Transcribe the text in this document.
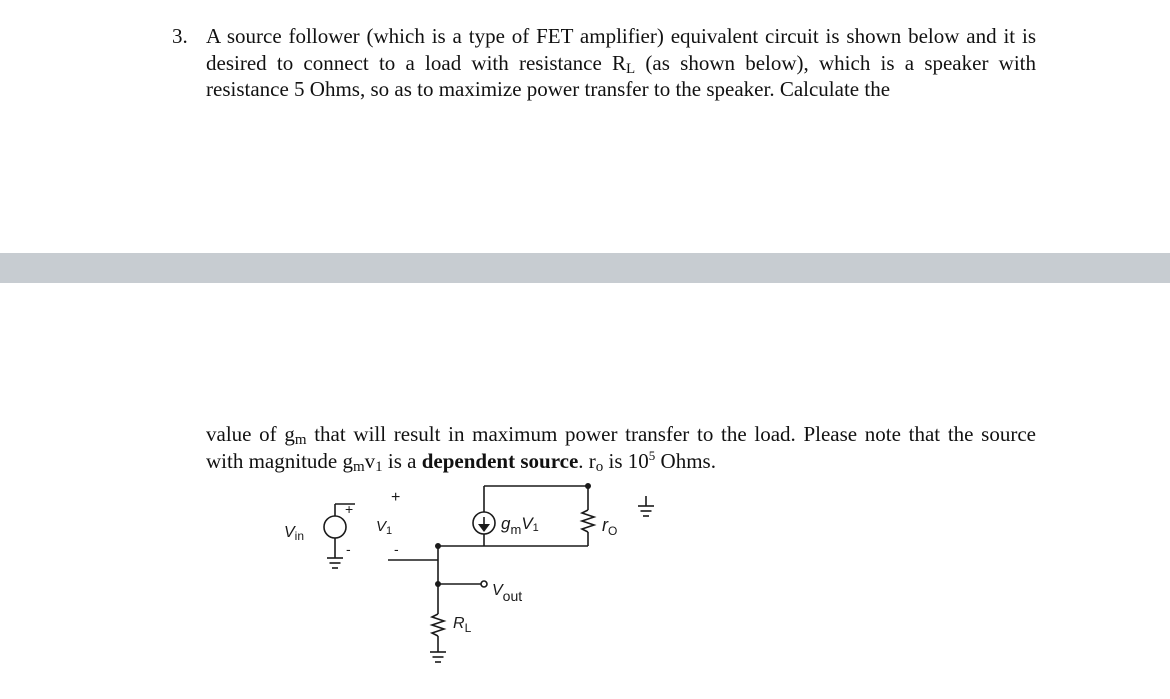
3. A source follower (which is a type of FET amplifier) equivalent circuit is shown below and it is desired to connect to a load with resistance $R_L$ (as shown below), which is a speaker with resistance 5 Ohms, so as to maximize power transfer to the speaker. Calculate the

value of $g_m$ that will result in maximum power transfer to the load. Please note that the source with magnitude $g_mv_1$ is a dependent source. $r_o$ is $10^5$ Ohms.

Vin
+
-
+
-
$V_1$	$g_mV1$	$r_O$
Vout
$R_L$
